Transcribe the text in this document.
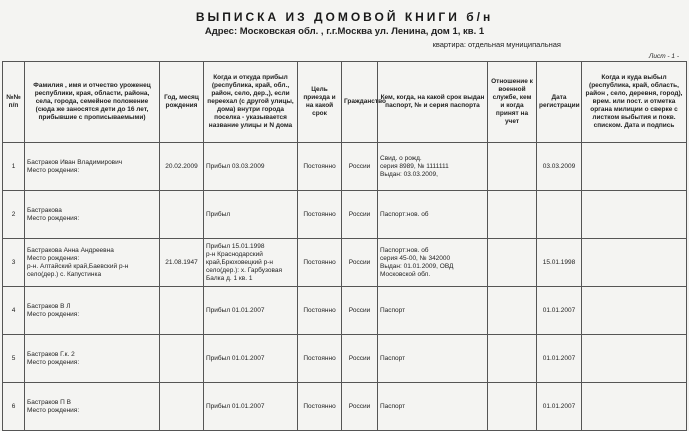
ВЫПИСКА ИЗ ДОМОВОЙ КНИГИ б/н
Адрес: Московская обл. , г.г.Москва ул. Ленина, дом 1, кв. 1
квартира: отдельная муниципальная
Лист - 1 -
№№ п/п	Фамилия , имя и отчество урожeнец республики, края, области, района, села, города, семейное положение (сюда же заносятся дети до 16 лет, прибывшие с прописываемыми)	Год, месяц рождения	Когда и откуда прибыл (республика, край, обл., район, село, дер.,), если переехал (с другой улицы, дома) внутри города поселка - указывается название улицы и N дома	Цель приезда и на какой срок	Гражданство	Кем, когда, на какой срок выдан паспорт, № и серия паспорта	Отношение к военной службе, кем и когда принят на учет	Дата регистрации	Когда и куда выбыл (республика, край, область, район , село, деревня, город), врем. или пост. и отметка органа милиции о сверке с листком выбытия и покв. списком. Дата и подпись
1	Бастраков Иван Владимирович
Место рождения:	20.02.2009	Прибыл 03.03.2009	Постоянно	России	Свид. о рожд.
серия 8989, № 1111111
Выдан: 03.03.2009,		03.03.2009	
2	Бастракова
Место рождения:		Прибыл	Постоянно	России	Паспорт:нов. об			

3	Бастракова Анна Андреевна
Место рождения:
р-н. Алтайский край,Баевский р-н
село(дер.) с. Капустинка	21.08.1947	Прибыл 15.01.1998
р-н Краснодарский
край,Брюховецкий р-н
село(дер.): х. Гарбузовая
Балка д. 1 кв. 1	Постоянно	России	Паспорт:нов. об
серия 45-00, № 342000
Выдан: 01.01.2009, ОВД
Московской обл.		15.01.1998	
4	Бастраков В Л
Место рождения:		Прибыл 01.01.2007	Постоянно	России	Паспорт		01.01.2007	
5	Бастраков Г.к. 2
Место рождения:		Прибыл 01.01.2007	Постоянно	России	Паспорт		01.01.2007	
6	Бастраков П В
Место рождения:		Прибыл 01.01.2007	Постоянно	России	Паспорт		01.01.2007	
